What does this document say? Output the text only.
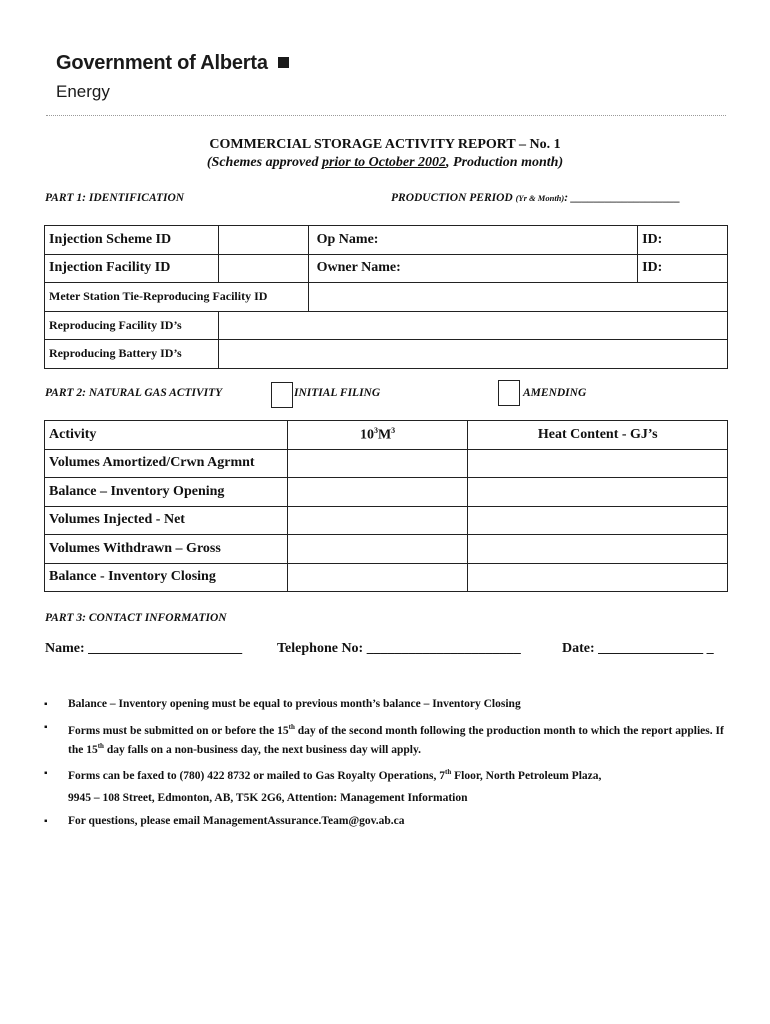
Government of Alberta
Energy
COMMERCIAL STORAGE ACTIVITY REPORT – No. 1
(Schemes approved prior to October 2002, Production month)
PART 1: IDENTIFICATION	PRODUCTION PERIOD (Yr & Month): ___________________
Injection Scheme ID		Op Name:	ID:
Injection Facility ID		Owner Name:	ID:
Meter Station Tie-Reproducing Facility ID			
Reproducing Facility ID’s			
Reproducing Battery ID’s			
PART 2: NATURAL GAS ACTIVITY	INITIAL FILING	AMENDING
Activity	$10^3M^3$	Heat Content - GJ’s
Volumes Amortized/Crwn Agrmnt		
Balance – Inventory Opening		
Volumes Injected - Net		
Volumes Withdrawn – Gross		
Balance - Inventory Closing		
PART 3: CONTACT INFORMATION
Name: ______________________ Telephone No: ______________________	Date: _______________ _
▪ Balance – Inventory opening must be equal to previous month’s balance – Inventory Closing
▪ Forms must be submitted on or before the 15th day of the second month following the production month to which the report applies. If the 15th day falls on a non-business day, the next business day will apply.
▪ Forms can be faxed to (780) 422 8732 or mailed to Gas Royalty Operations, 7th Floor, North Petroleum Plaza,
9945 – 108 Street, Edmonton, AB, T5K 2G6, Attention: Management Information
▪ For questions, please email ManagementAssurance.Team@gov.ab.ca
